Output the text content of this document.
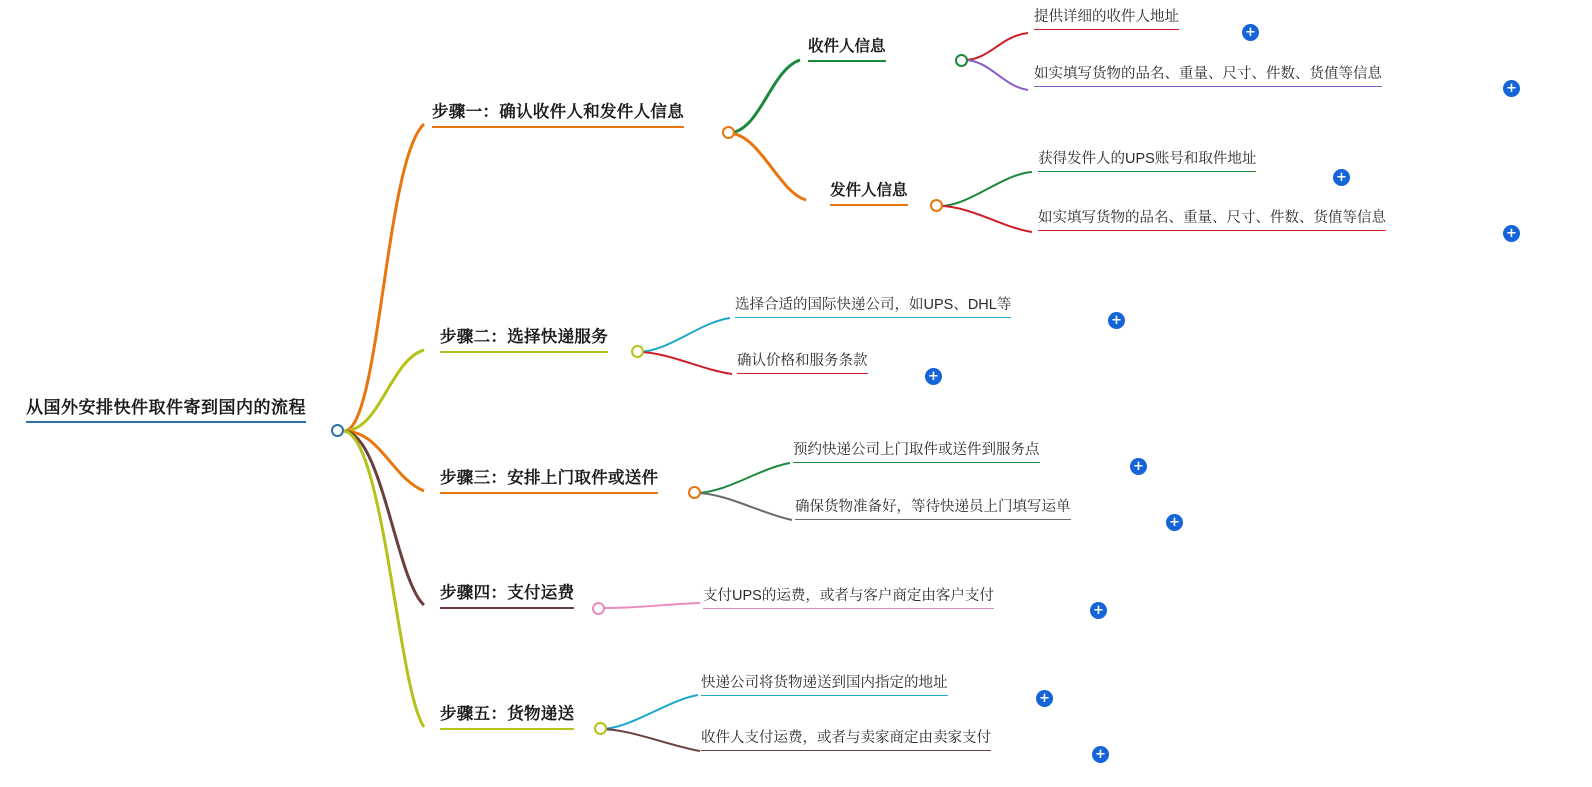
从国外安排快件取件寄到国内的流程
步骤一：确认收件人和发件人信息
收件人信息
提供详细的收件人地址
+
如实填写货物的品名、重量、尺寸、件数、货值等信息
+
发件人信息
获得发件人的UPS账号和取件地址
+
如实填写货物的品名、重量、尺寸、件数、货值等信息
+
步骤二：选择快递服务
选择合适的国际快递公司，如UPS、DHL等
+
确认价格和服务条款
+
步骤三：安排上门取件或送件
预约快递公司上门取件或送件到服务点
+
确保货物准备好，等待快递员上门填写运单
+
步骤四：支付运费	支付UPS的运费，或者与客户商定由客户支付
+
步骤五：货物递送
快递公司将货物递送到国内指定的地址
+
收件人支付运费，或者与卖家商定由卖家支付
+
